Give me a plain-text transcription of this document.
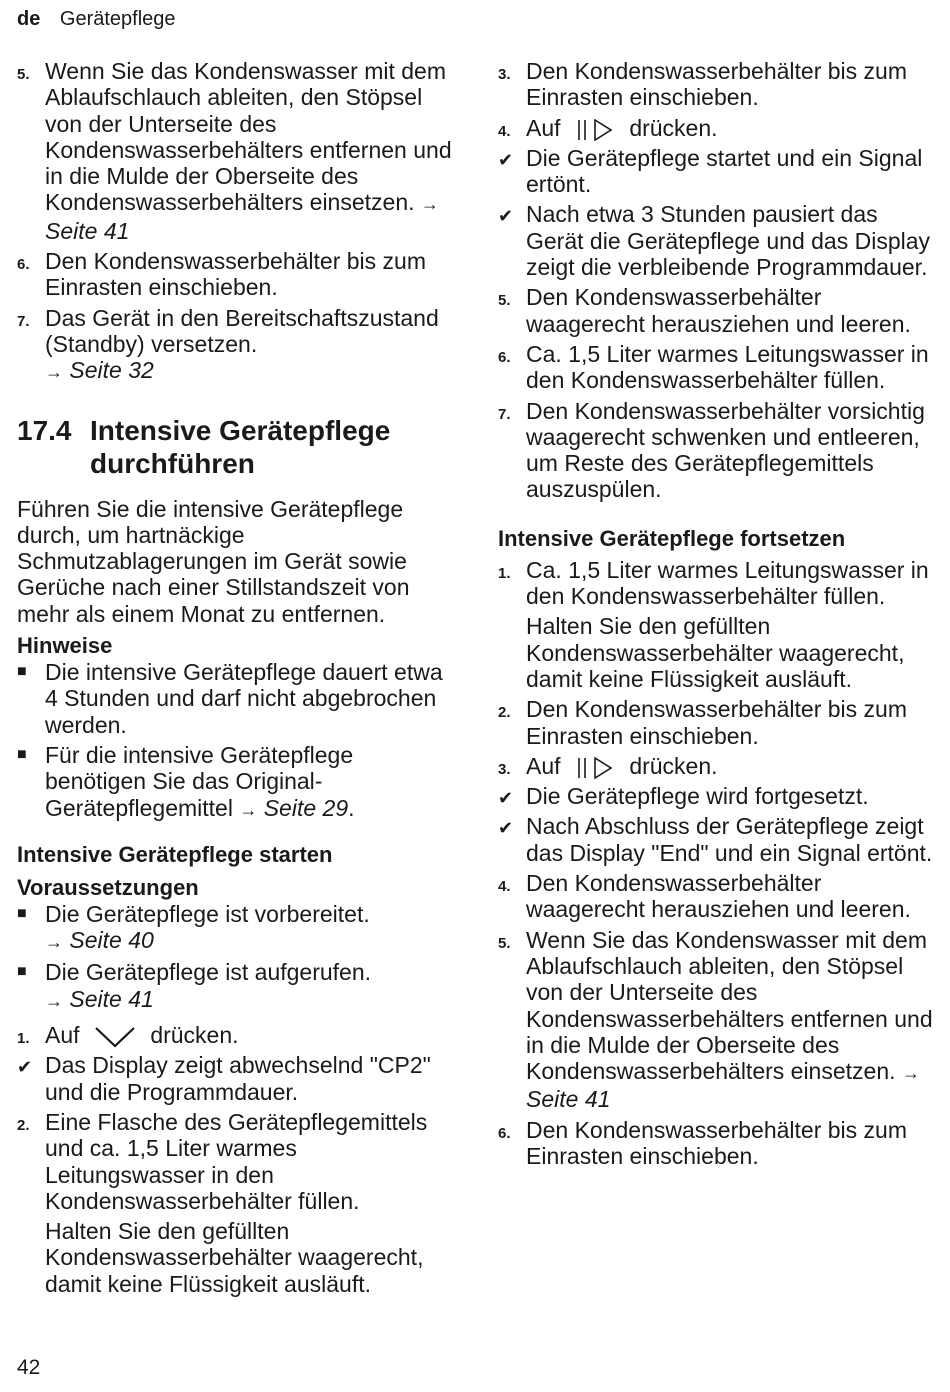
de Gerätepflege
5. Wenn Sie das Kondenswasser mit dem Ablaufschlauch ableiten, den Stöpsel von der Unterseite des Kondenswasserbehälters entfernen und in die Mulde der Oberseite des Kondenswasserbehälters einsetzen. → Seite 41
6. Den Kondenswasserbehälter bis zum Einrasten einschieben.
7. Das Gerät in den Bereitschaftszustand (Standby) versetzen.
→ Seite 32
17.4 Intensive Gerätepflege durchführen

Führen Sie die intensive Gerätepflege durch, um hartnäckige Schmutzablagerungen im Gerät sowie Gerüche nach einer Stillstandszeit von mehr als einem Monat zu entfernen.

Hinweise
■ Die intensive Gerätepflege dauert etwa 4 Stunden und darf nicht abgebrochen werden.
■ Für die intensive Gerätepflege benötigen Sie das Original-Gerätepflegemittel → Seite 29.
Intensive Gerätepflege starten
Voraussetzungen
■ Die Gerätepflege ist vorbereitet.
→ Seite 40
■ Die Gerätepflege ist aufgerufen.
→ Seite 41
1. Auf	drücken.
✔ Das Display zeigt abwechselnd "CP2" und die Programmdauer.
2. Eine Flasche des Gerätepflegemittels und ca. 1,5 Liter warmes Leitungswasser in den Kondenswasserbehälter füllen.
Halten Sie den gefüllten Kondenswasserbehälter waagerecht, damit keine Flüssigkeit ausläuft.
3. Den Kondenswasserbehälter bis zum Einrasten einschieben.
4. Auf	drücken.
✔ Die Gerätepflege startet und ein Signal ertönt.
✔ Nach etwa 3 Stunden pausiert das Gerät die Gerätepflege und das Display zeigt die verbleibende Programmdauer.
5. Den Kondenswasserbehälter waagerecht herausziehen und leeren.
6. Ca. 1,5 Liter warmes Leitungswasser in den Kondenswasserbehälter füllen.
7. Den Kondenswasserbehälter vorsichtig waagerecht schwenken und entleeren, um Reste des Gerätepflegemittels auszuspülen.
Intensive Gerätepflege fortsetzen
1. Ca. 1,5 Liter warmes Leitungswasser in den Kondenswasserbehälter füllen.
Halten Sie den gefüllten Kondenswasserbehälter waagerecht, damit keine Flüssigkeit ausläuft.
2. Den Kondenswasserbehälter bis zum Einrasten einschieben.
3. Auf	drücken.
✔ Die Gerätepflege wird fortgesetzt.
✔ Nach Abschluss der Gerätepflege zeigt das Display "End" und ein Signal ertönt.
4. Den Kondenswasserbehälter waagerecht herausziehen und leeren.
5. Wenn Sie das Kondenswasser mit dem Ablaufschlauch ableiten, den Stöpsel von der Unterseite des Kondenswasserbehälters entfernen und in die Mulde der Oberseite des Kondenswasserbehälters einsetzen. → Seite 41
6. Den Kondenswasserbehälter bis zum Einrasten einschieben.
42
